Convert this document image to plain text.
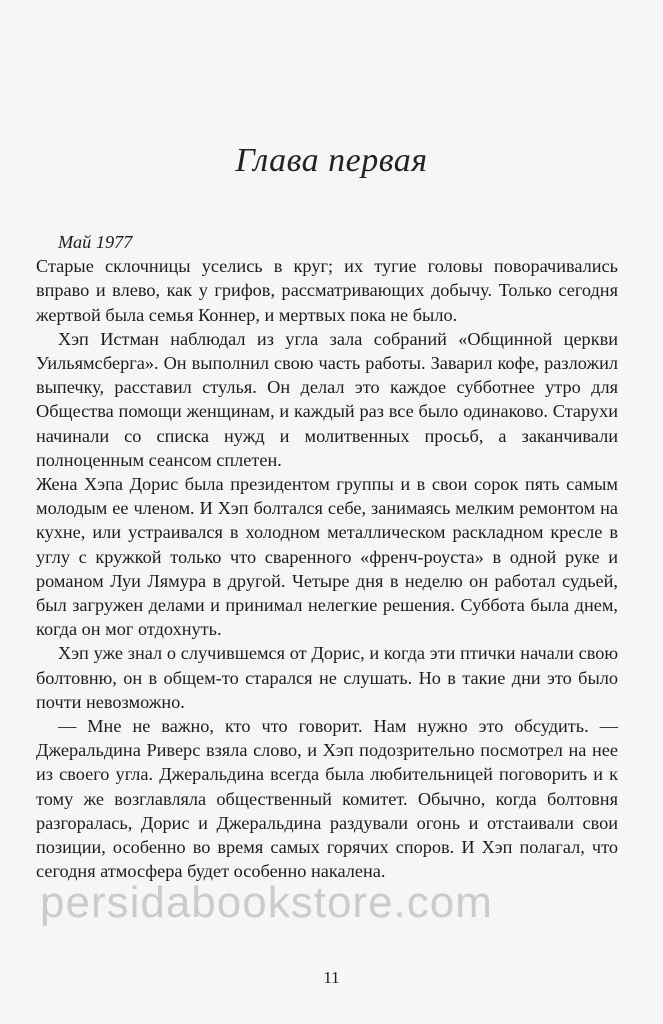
Глава первая

Май 1977

Старые склочницы уселись в круг; их тугие головы поворачивались вправо и влево, как у грифов, рассматривающих добычу. Только сегодня жертвой была семья Коннер, и мертвых пока не было.

Хэп Истман наблюдал из угла зала собраний «Общинной церкви Уильямсберга». Он выполнил свою часть работы. Заварил кофе, разложил выпечку, расставил стулья. Он делал это каждое субботнее утро для Общества помощи женщинам, и каждый раз все было одинаково. Старухи начинали со списка нужд и молитвенных просьб, а заканчивали полноценным сеансом сплетен.

Жена Хэпа Дорис была президентом группы и в свои сорок пять самым молодым ее членом. И Хэп болтался себе, занимаясь мелким ремонтом на кухне, или устраивался в холодном металлическом раскладном кресле в углу с кружкой только что сваренного «френч-роуста» в одной руке и романом Луи Лямура в другой. Четыре дня в неделю он работал судьей, был загружен делами и принимал нелегкие решения. Суббота была днем, когда он мог отдохнуть.

Хэп уже знал о случившемся от Дорис, и когда эти птички начали свою болтовню, он в общем-то старался не слушать. Но в такие дни это было почти невозможно.

— Мне не важно, кто что говорит. Нам нужно это обсудить. — Джеральдина Риверс взяла слово, и Хэп подозрительно посмотрел на нее из своего угла. Джеральдина всегда была любительницей поговорить и к тому же возглавляла общественный комитет. Обычно, когда болтовня разгоралась, Дорис и Джеральдина раздували огонь и отстаивали свои позиции, особенно во время самых горячих споров. И Хэп полагал, что сегодня атмосфера будет особенно накалена.

persidabookstore.com
11
